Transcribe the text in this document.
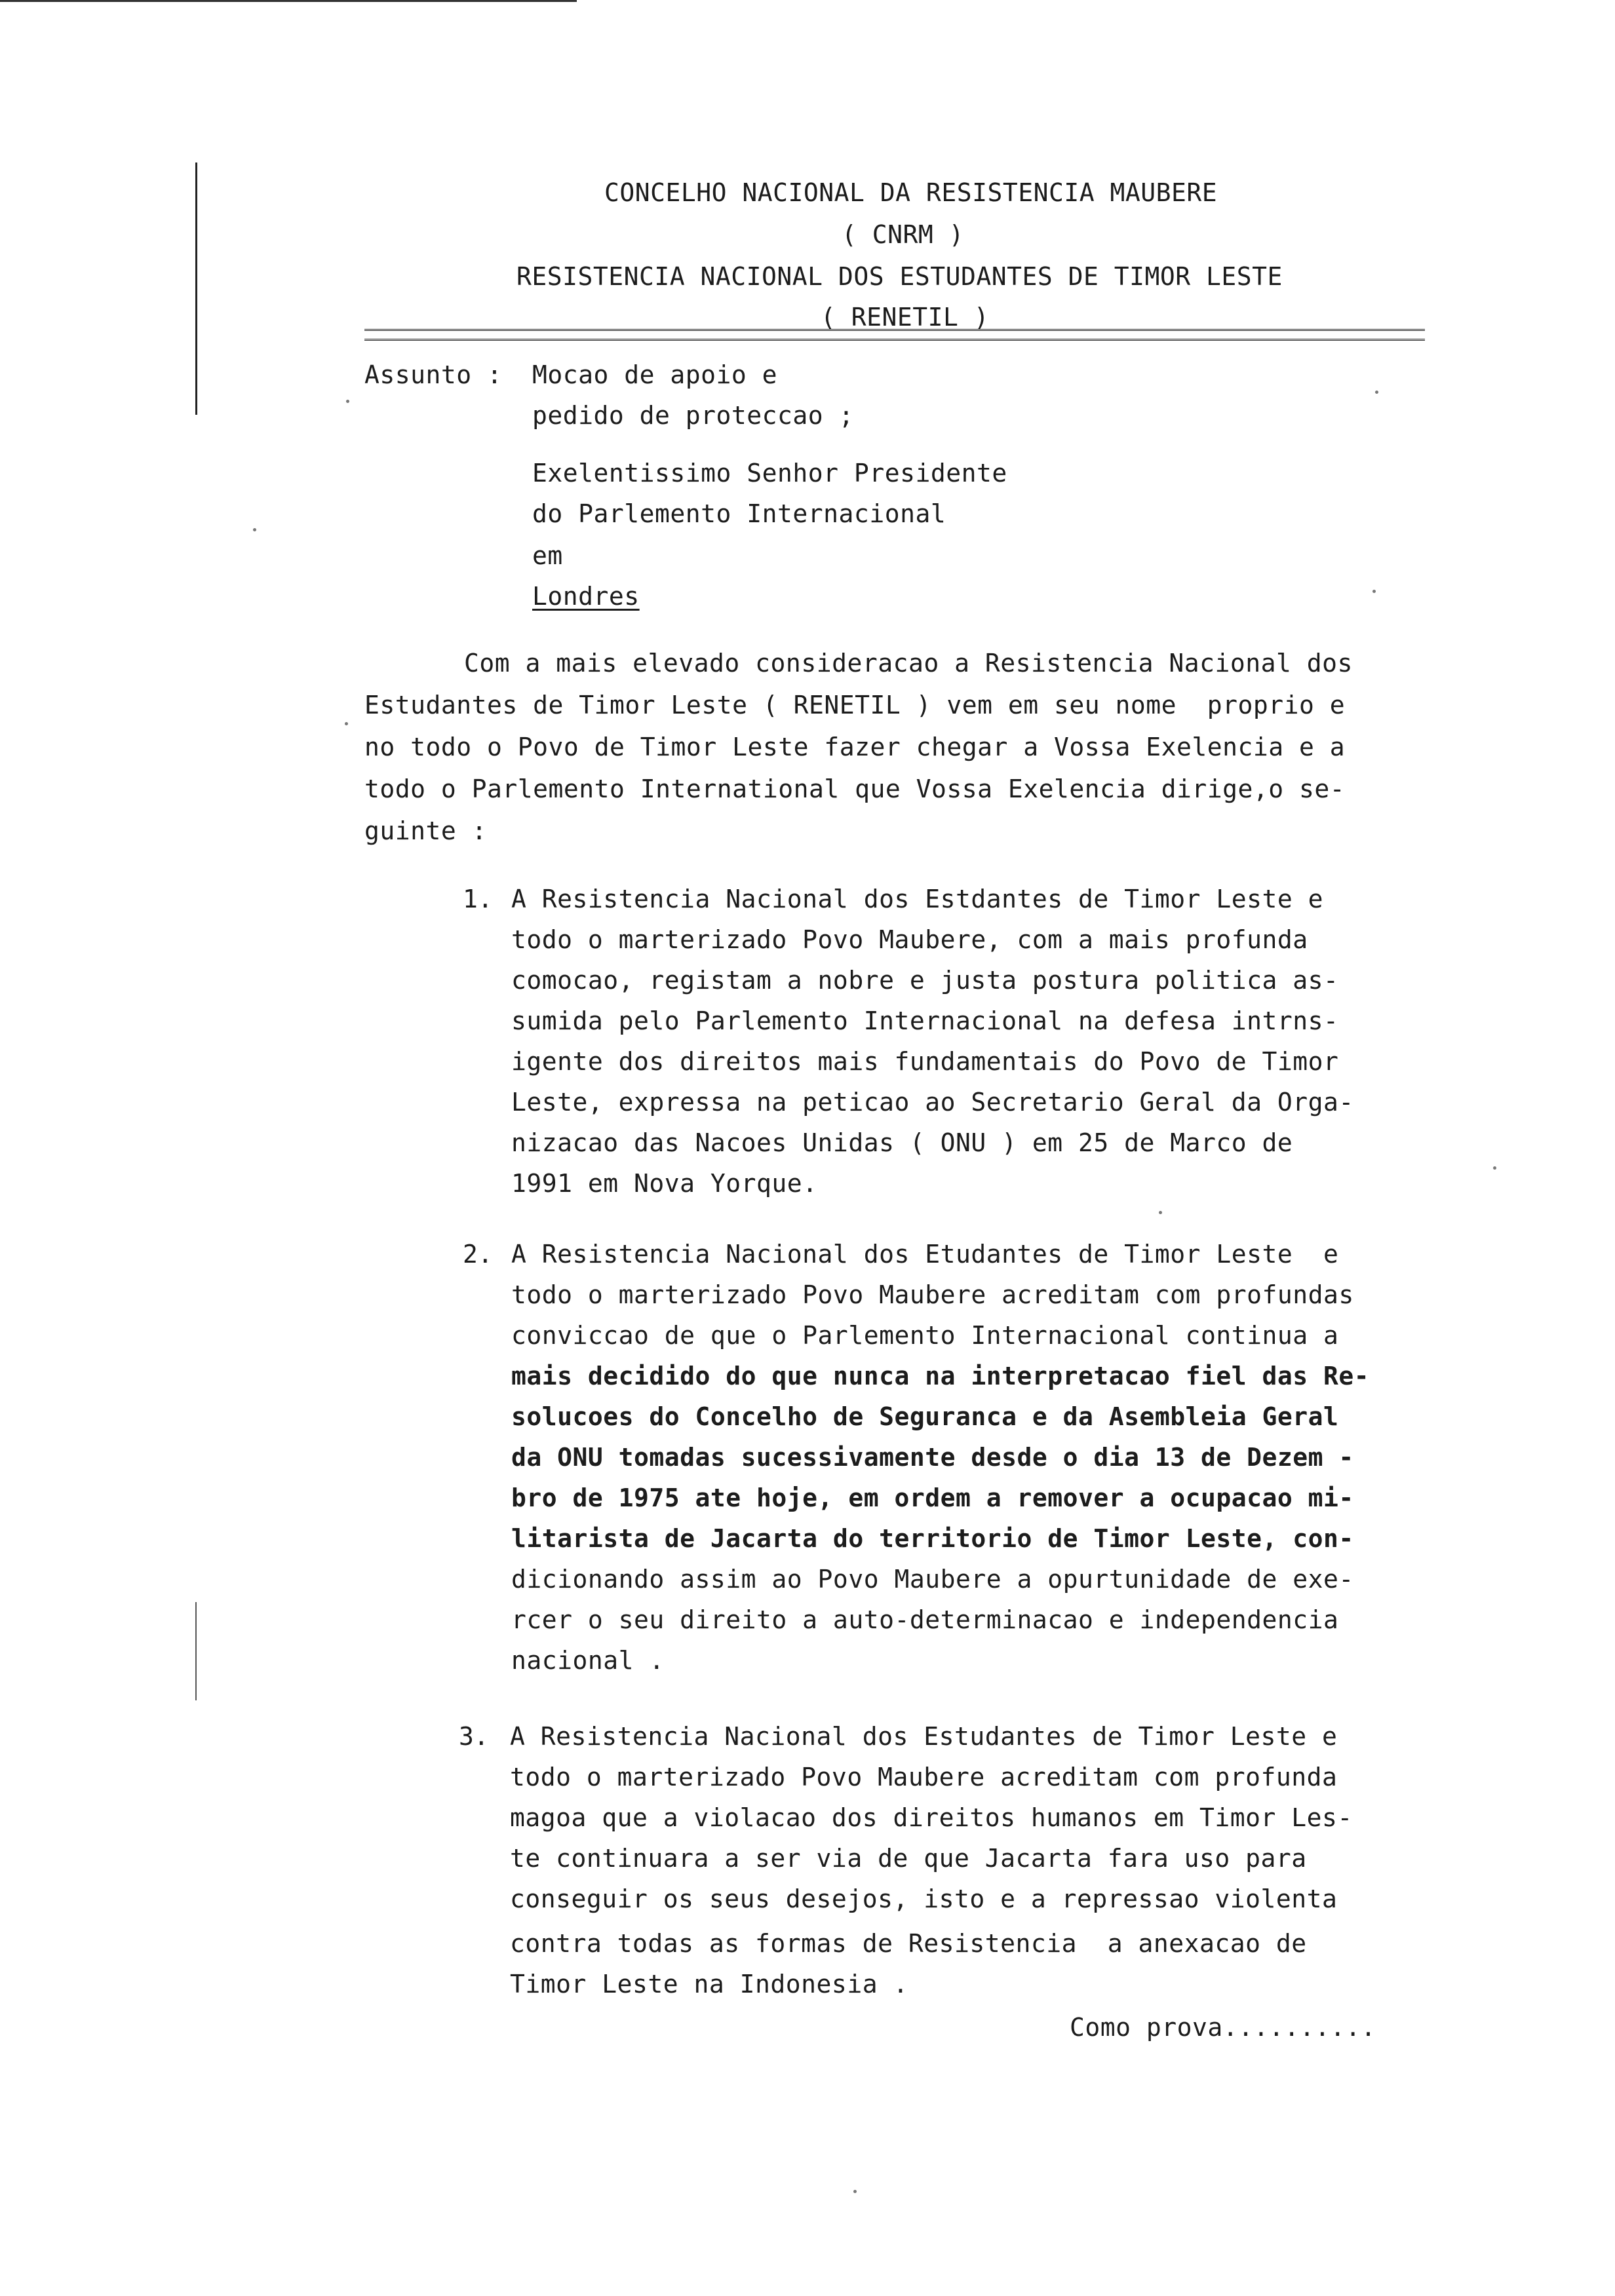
CONCELHO NACIONAL DA RESISTENCIA MAUBERE
( CNRM )
RESISTENCIA NACIONAL DOS ESTUDANTES DE TIMOR LESTE
( RENETIL )
Assunto : Mocao de apoio e
pedido de proteccao ;
Exelentissimo Senhor Presidente
do Parlemento Internacional
em
Londres
Com a mais elevado consideracao a Resistencia Nacional dos
Estudantes de Timor Leste ( RENETIL ) vem em seu nome  proprio e
no todo o Povo de Timor Leste fazer chegar a Vossa Exelencia e a
todo o Parlemento International que Vossa Exelencia dirige,o se-
guinte :
1. A Resistencia Nacional dos Estdantes de Timor Leste e
todo o marterizado Povo Maubere, com a mais profunda
comocao, registam a nobre e justa postura politica as-
sumida pelo Parlemento Internacional na defesa intrns-
igente dos direitos mais fundamentais do Povo de Timor
Leste, expressa na peticao ao Secretario Geral da Orga-
nizacao das Nacoes Unidas ( ONU ) em 25 de Marco de
1991 em Nova Yorque.
2. A Resistencia Nacional dos Etudantes de Timor Leste  e
todo o marterizado Povo Maubere acreditam com profundas
conviccao de que o Parlemento Internacional continua a
mais decidido do que nunca na interpretacao fiel das Re-
solucoes do Concelho de Seguranca e da Asembleia Geral
da ONU tomadas sucessivamente desde o dia 13 de Dezem -
bro de 1975 ate hoje, em ordem a remover a ocupacao mi-
litarista de Jacarta do territorio de Timor Leste, con-
dicionando assim ao Povo Maubere a opurtunidade de exe-
rcer o seu direito a auto-determinacao e independencia
nacional .
3. A Resistencia Nacional dos Estudantes de Timor Leste e
todo o marterizado Povo Maubere acreditam com profunda
magoa que a violacao dos direitos humanos em Timor Les-
te continuara a ser via de que Jacarta fara uso para
conseguir os seus desejos, isto e a repressao violenta
contra todas as formas de Resistencia  a anexacao de
Timor Leste na Indonesia .
Como prova..........
